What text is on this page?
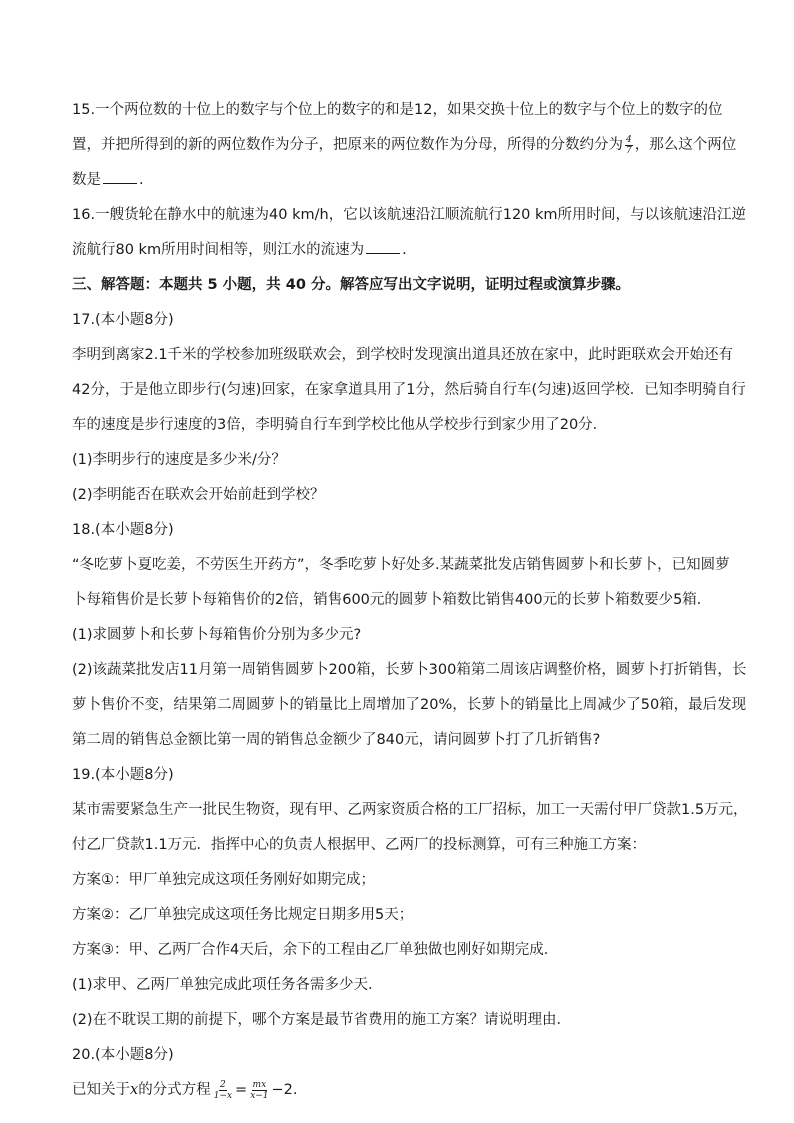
15.一个两位数的十位上的数字与个位上的数字的和是12，如果交换十位上的数字与个位上的数字的位
置，并把所得到的新的两位数作为分子，把原来的两位数作为分母，所得的分数约分为 $\frac{4}{7}$ ，那么这个两位
数是	.
16.一艘货轮在静水中的航速为40 km/h，它以该航速沿江顺流航行120 km所用时间，与以该航速沿江逆
流航行80 km所用时间相等，则江水的流速为	.
三、解答题：本题共 5 小题，共 40 分。解答应写出文字说明，证明过程或演算步骤。
17.(本小题8分)
李明到离家2.1千米的学校参加班级联欢会，到学校时发现演出道具还放在家中，此时距联欢会开始还有
42分，于是他立即步行(匀速)回家，在家拿道具用了1分，然后骑自行车(匀速)返回学校．已知李明骑自行
车的速度是步行速度的3倍，李明骑自行车到学校比他从学校步行到家少用了20分．
(1)李明步行的速度是多少米/分？
(2)李明能否在联欢会开始前赶到学校？
18.(本小题8分)
“冬吃萝卜夏吃姜，不劳医生开药方”，冬季吃萝卜好处多.某蔬菜批发店销售圆萝卜和长萝卜，已知圆萝
卜每箱售价是长萝卜每箱售价的2倍，销售600元的圆萝卜箱数比销售400元的长萝卜箱数要少5箱．
(1)求圆萝卜和长萝卜每箱售价分别为多少元?
(2)该蔬菜批发店11月第一周销售圆萝卜200箱，长萝卜300箱第二周该店调整价格，圆萝卜打折销售，长
萝卜售价不变，结果第二周圆萝卜的销量比上周增加了20%，长萝卜的销量比上周减少了50箱，最后发现
第二周的销售总金额比第一周的销售总金额少了840元，请问圆萝卜打了几折销售?
19.(本小题8分)
某市需要紧急生产一批民生物资，现有甲、乙两家资质合格的工厂招标，加工一天需付甲厂贷款1.5万元，
付乙厂贷款1.1万元．指挥中心的负责人根据甲、乙两厂的投标测算，可有三种施工方案：
方案①：甲厂单独完成这项任务刚好如期完成；
方案②：乙厂单独完成这项任务比规定日期多用5天；
方案③：甲、乙两厂合作4天后，余下的工程由乙厂单独做也刚好如期完成．
(1)求甲、乙两厂单独完成此项任务各需多少天．
(2)在不耽误工期的前提下，哪个方案是最节省费用的施工方案？请说明理由．
20.(本小题8分)
已知关于x的分式方程 $\frac{2}{1-x} = \frac{mx}{x-1} -2$.
